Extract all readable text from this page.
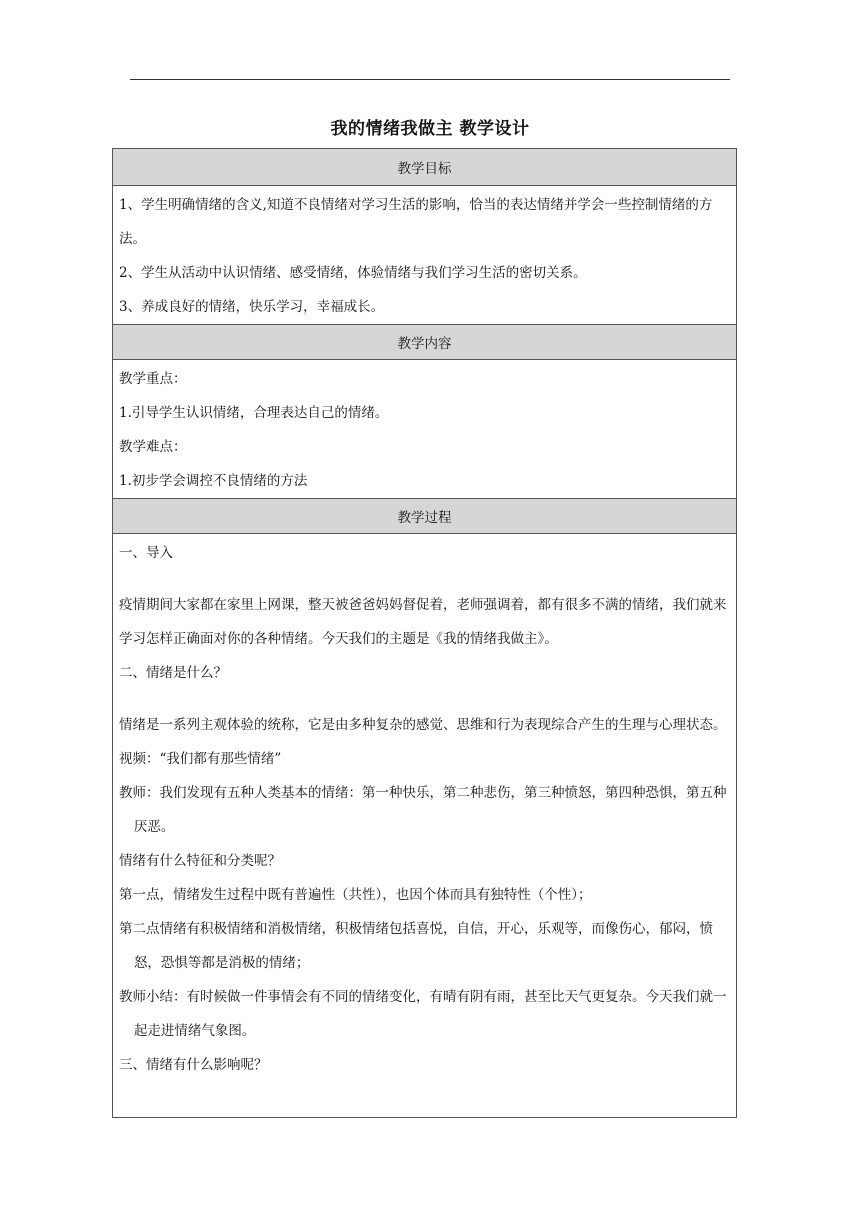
我的情绪我做主 教学设计
教学目标

1、学生明确情绪的含义,知道不良情绪对学习生活的影响，恰当的表达情绪并学会一些控制情绪的方法。

2、学生从活动中认识情绪、感受情绪，体验情绪与我们学习生活的密切关系。

3、养成良好的情绪，快乐学习，幸福成长。

教学内容

教学重点：

1.引导学生认识情绪，合理表达自己的情绪。

教学难点：

1.初步学会调控不良情绪的方法

教学过程

一、导入

疫情期间大家都在家里上网课，整天被爸爸妈妈督促着，老师强调着，都有很多不满的情绪，我们就来学习怎样正确面对你的各种情绪。今天我们的主题是《我的情绪我做主》。

二、情绪是什么？

情绪是一系列主观体验的统称，它是由多种复杂的感觉、思维和行为表现综合产生的生理与心理状态。

视频：“我们都有那些情绪”

教师：我们发现有五种人类基本的情绪：第一种快乐，第二种悲伤，第三种愤怒，第四种恐惧，第五种厌恶。

情绪有什么特征和分类呢？

第一点，情绪发生过程中既有普遍性（共性），也因个体而具有独特性（个性）；

第二点情绪有积极情绪和消极情绪，积极情绪包括喜悦，自信，开心，乐观等，而像伤心，郁闷，愤怒，恐惧等都是消极的情绪；

教师小结：有时候做一件事情会有不同的情绪变化，有晴有阴有雨，甚至比天气更复杂。今天我们就一起走进情绪气象图。

三、情绪有什么影响呢？
